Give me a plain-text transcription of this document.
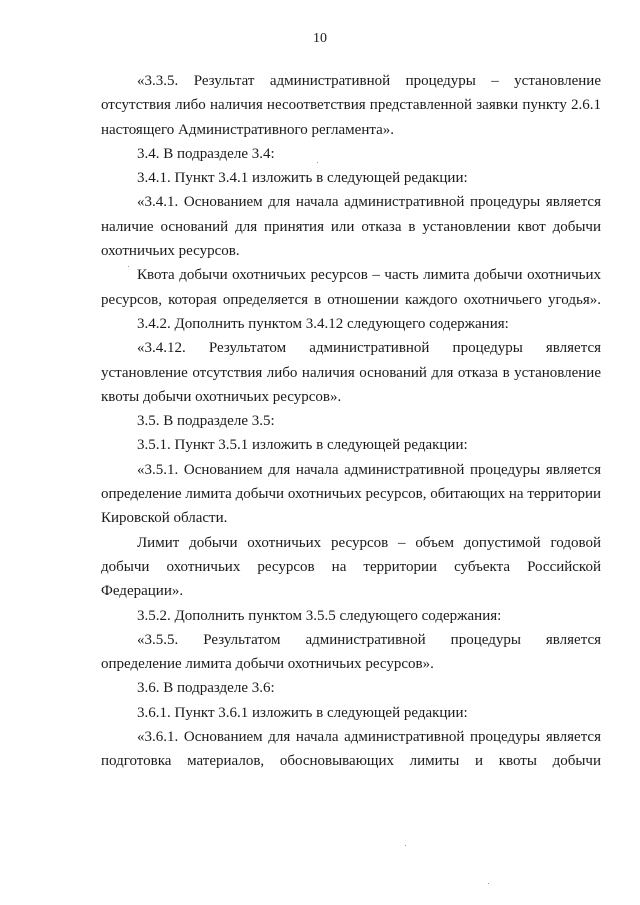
10
«3.3.5. Результат административной процедуры – установление
отсутствия либо наличия несоответствия представленной заявки пункту 2.6.1
настоящего Административного регламента».
3.4. В подразделе 3.4:
3.4.1. Пункт 3.4.1 изложить в следующей редакции:
«3.4.1. Основанием для начала административной процедуры является
наличие оснований для принятия или отказа в установлении квот добычи
охотничьих ресурсов.
Квота добычи охотничьих ресурсов – часть лимита добычи охотничьих
ресурсов, которая определяется в отношении каждого охотничьего угодья».
3.4.2. Дополнить пунктом 3.4.12 следующего содержания:
«3.4.12. Результатом административной процедуры является
установление отсутствия либо наличия оснований для отказа в установление
квоты добычи охотничьих ресурсов».
3.5. В подразделе 3.5:
3.5.1. Пункт 3.5.1 изложить в следующей редакции:
«3.5.1. Основанием для начала административной процедуры является
определение лимита добычи охотничьих ресурсов, обитающих на территории
Кировской области.
Лимит добычи охотничьих ресурсов – объем допустимой годовой
добычи охотничьих ресурсов на территории субъекта Российской
Федерации».
3.5.2. Дополнить пунктом 3.5.5 следующего содержания:
«3.5.5. Результатом административной процедуры является
определение лимита добычи охотничьих ресурсов».
3.6. В подразделе 3.6:
3.6.1. Пункт 3.6.1 изложить в следующей редакции:
«3.6.1. Основанием для начала административной процедуры является
подготовка материалов, обосновывающих лимиты и квоты добычи
